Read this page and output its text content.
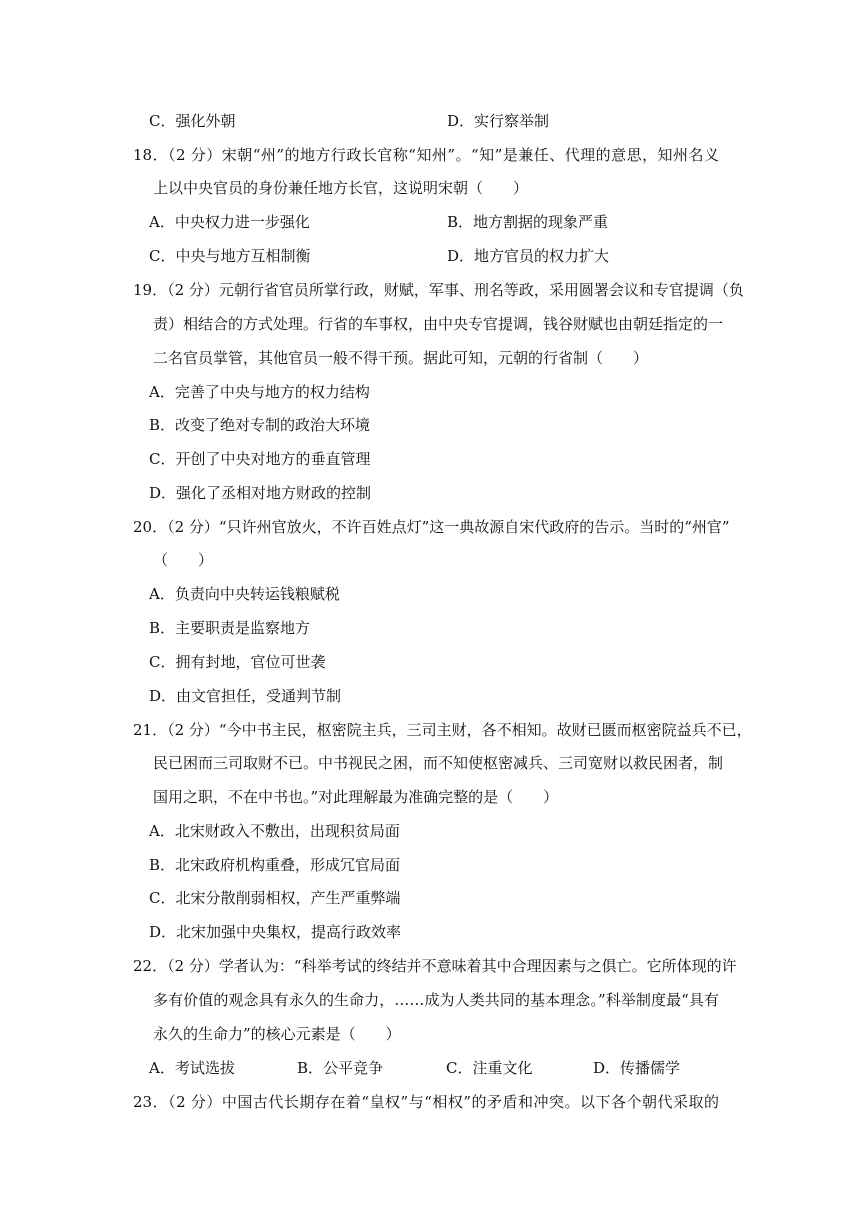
C．强化外朝	D．实行察举制
18．（2 分）宋朝“州”的地方行政长官称“知州”。“知”是兼任、代理的意思，知州名义
上以中央官员的身份兼任地方长官，这说明宋朝（　　）
A．中央权力进一步强化	B．地方割据的现象严重
C．中央与地方互相制衡	D．地方官员的权力扩大
19．（2 分）元朝行省官员所掌行政，财赋，军事、刑名等政，采用圆署会议和专官提调（负
责）相结合的方式处理。行省的车事权，由中央专官提调，钱谷财赋也由朝廷指定的一
二名官员掌管，其他官员一般不得干预。据此可知，元朝的行省制（　　）
A．完善了中央与地方的权力结构
B．改变了绝对专制的政治大环境
C．开创了中央对地方的垂直管理
D．强化了丞相对地方财政的控制
20．（2 分）“只许州官放火，不许百姓点灯”这一典故源自宋代政府的告示。当时的“州官”
（　　）
A．负责向中央转运钱粮赋税
B．主要职责是监察地方
C．拥有封地，官位可世袭
D．由文官担任，受通判节制
21．（2 分）“今中书主民，枢密院主兵，三司主财，各不相知。故财已匮而枢密院益兵不已，
民已困而三司取财不已。中书视民之困，而不知使枢密减兵、三司宽财以救民困者，制
国用之职，不在中书也。”对此理解最为准确完整的是（　　）
A．北宋财政入不敷出，出现积贫局面
B．北宋政府机构重叠，形成冗官局面
C．北宋分散削弱相权，产生严重弊端
D．北宋加强中央集权，提高行政效率
22．（2 分）学者认为：“科举考试的终结并不意味着其中合理因素与之俱亡。它所体现的许
多有价值的观念具有永久的生命力，……成为人类共同的基本理念。”科举制度最“具有
永久的生命力”的核心元素是（　　）
A．考试选拔	B．公平竞争	C．注重文化	D．传播儒学
23．（2 分）中国古代长期存在着“皇权”与“相权”的矛盾和冲突。以下各个朝代采取的
